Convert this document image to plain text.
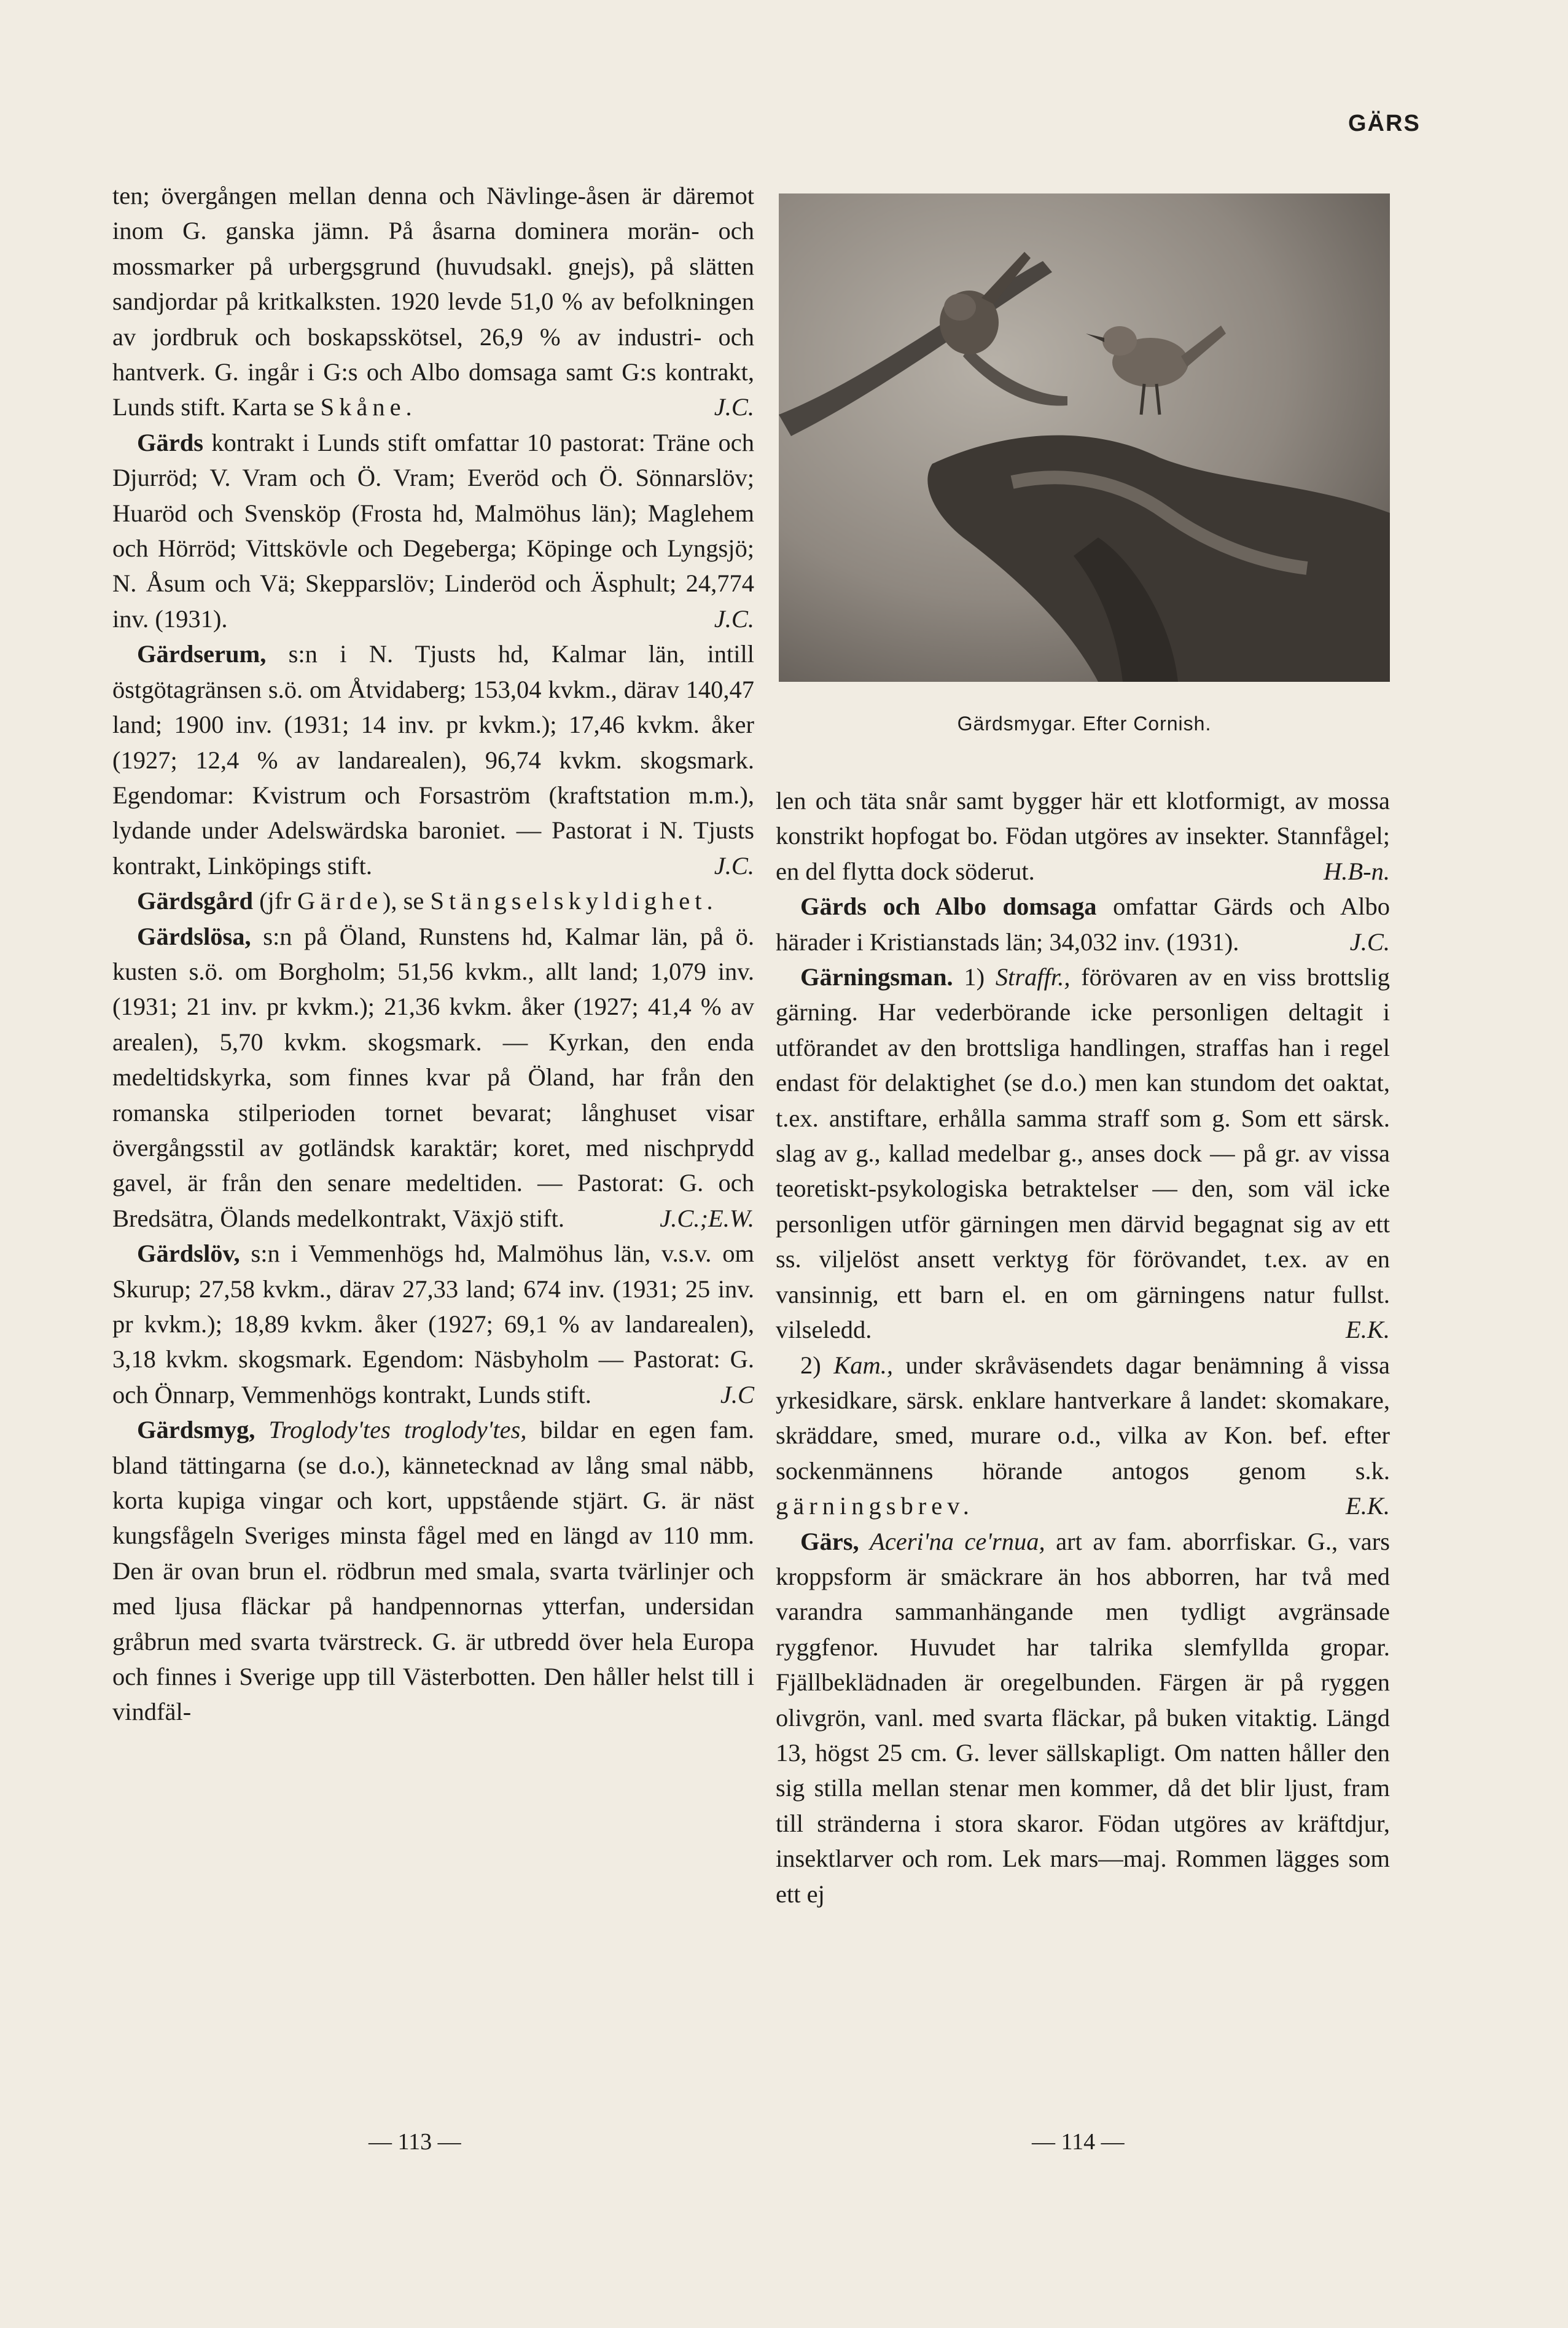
GÄRS

ten; övergången mellan denna och Nävlinge-åsen är däremot inom G. ganska jämn. På åsarna dominera morän- och mossmarker på urbergsgrund (huvudsakl. gnejs), på slätten sandjordar på kritkalksten. 1920 levde 51,0 % av befolkningen av jordbruk och boskapsskötsel, 26,9 % av industri- och hantverk. G. ingår i G:s och Albo domsaga samt G:s kontrakt, Lunds stift. Karta se Skåne.	J.C.

Gärds kontrakt i Lunds stift omfattar 10 pastorat: Träne och Djurröd; V. Vram och Ö. Vram; Everöd och Ö. Sönnarslöv; Huaröd och Svensköp (Frosta hd, Malmöhus län); Maglehem och Hörröd; Vittskövle och Degeberga; Köpinge och Lyngsjö; N. Åsum och Vä; Skepparslöv; Linderöd och Äsphult; 24,774 inv. (1931).	J.C.

Gärdserum, s:n i N. Tjusts hd, Kalmar län, intill östgötagränsen s.ö. om Åtvidaberg; 153,04 kvkm., därav 140,47 land; 1900 inv. (1931; 14 inv. pr kvkm.); 17,46 kvkm. åker (1927; 12,4 % av landarealen), 96,74 kvkm. skogsmark. Egendomar: Kvistrum och Forsaström (kraftstation m.m.), lydande under Adelswärdska baroniet. — Pastorat i N. Tjusts kontrakt, Linköpings stift.	J.C.

Gärdsgård (jfr Gärde), se Stängselskyldighet.

Gärdslösa, s:n på Öland, Runstens hd, Kalmar län, på ö. kusten s.ö. om Borgholm; 51,56 kvkm., allt land; 1,079 inv. (1931; 21 inv. pr kvkm.); 21,36 kvkm. åker (1927; 41,4 % av arealen), 5,70 kvkm. skogsmark. — Kyrkan, den enda medeltidskyrka, som finnes kvar på Öland, har från den romanska stilperioden tornet bevarat; långhuset visar övergångsstil av gotländsk karaktär; koret, med nischprydd gavel, är från den senare medeltiden. — Pastorat: G. och Bredsätra, Ölands medelkontrakt, Växjö stift.	J.C.;E.W.

Gärdslöv, s:n i Vemmenhögs hd, Malmöhus län, v.s.v. om Skurup; 27,58 kvkm., därav 27,33 land; 674 inv. (1931; 25 inv. pr kvkm.); 18,89 kvkm. åker (1927; 69,1 % av landarealen), 3,18 kvkm. skogsmark. Egendom: Näsbyholm — Pastorat: G. och Önnarp, Vemmenhögs kontrakt, Lunds stift.	J.C

Gärdsmyg, Troglody'tes troglody'tes, bildar en egen fam. bland tättingarna (se d.o.), kännetecknad av lång smal näbb, korta kupiga vingar och kort, uppstående stjärt. G. är näst kungsfågeln Sveriges minsta fågel med en längd av 110 mm. Den är ovan brun el. rödbrun med smala, svarta tvärlinjer och med ljusa fläckar på handpennornas ytterfan, undersidan gråbrun med svarta tvärstreck. G. är utbredd över hela Europa och finnes i Sverige upp till Västerbotten. Den håller helst till i vindfäl-

Gärdsmygar. Efter Cornish.

len och täta snår samt bygger här ett klotformigt, av mossa konstrikt hopfogat bo. Födan utgöres av insekter. Stannfågel; en del flytta dock söderut.	H.B-n.

Gärds och Albo domsaga omfattar Gärds och Albo härader i Kristianstads län; 34,032 inv. (1931).	J.C.

Gärningsman. 1) Straffr., förövaren av en viss brottslig gärning. Har vederbörande icke personligen deltagit i utförandet av den brottsliga handlingen, straffas han i regel endast för delaktighet (se d.o.) men kan stundom det oaktat, t.ex. anstiftare, erhålla samma straff som g. Som ett särsk. slag av g., kallad medelbar g., anses dock — på gr. av vissa teoretiskt-psykologiska betraktelser — den, som väl icke personligen utför gärningen men därvid begagnat sig av ett ss. viljelöst ansett verktyg för förövandet, t.ex. av en vansinnig, ett barn el. en om gärningens natur fullst. vilseledd.	E.K.

2) Kam., under skråväsendets dagar benämning å vissa yrkesidkare, särsk. enklare hantverkare å landet: skomakare, skräddare, smed, murare o.d., vilka av Kon. bef. efter sockenmännens hörande antogos genom s.k. gärningsbrev.	E.K.

Gärs, Aceri'na ce'rnua, art av fam. aborrfiskar. G., vars kroppsform är smäckrare än hos abborren, har två med varandra sammanhängande men tydligt avgränsade ryggfenor. Huvudet har talrika slemfyllda gropar. Fjällbeklädnaden är oregelbunden. Färgen är på ryggen olivgrön, vanl. med svarta fläckar, på buken vitaktig. Längd 13, högst 25 cm. G. lever sällskapligt. Om natten håller den sig stilla mellan stenar men kommer, då det blir ljust, fram till stränderna i stora skaror. Födan utgöres av kräftdjur, insektlarver och rom. Lek mars—maj. Rommen lägges som ett ej

— 113 —	— 114 —
